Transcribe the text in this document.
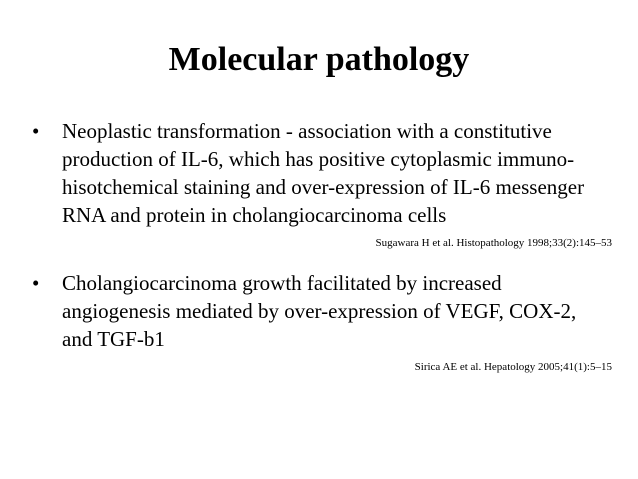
Molecular pathology
•	Neoplastic transformation - association with a constitutive
production of IL-6, which has positive cytoplasmic immuno-
hisotchemical staining and over-expression of IL-6 messenger
RNA and protein in cholangiocarcinoma cells
Sugawara H et al. Histopathology 1998;33(2):145–53
•	Cholangiocarcinoma growth facilitated by increased
angiogenesis mediated by over-expression of VEGF, COX-2,
and TGF-b1
Sirica AE et al. Hepatology 2005;41(1):5–15
